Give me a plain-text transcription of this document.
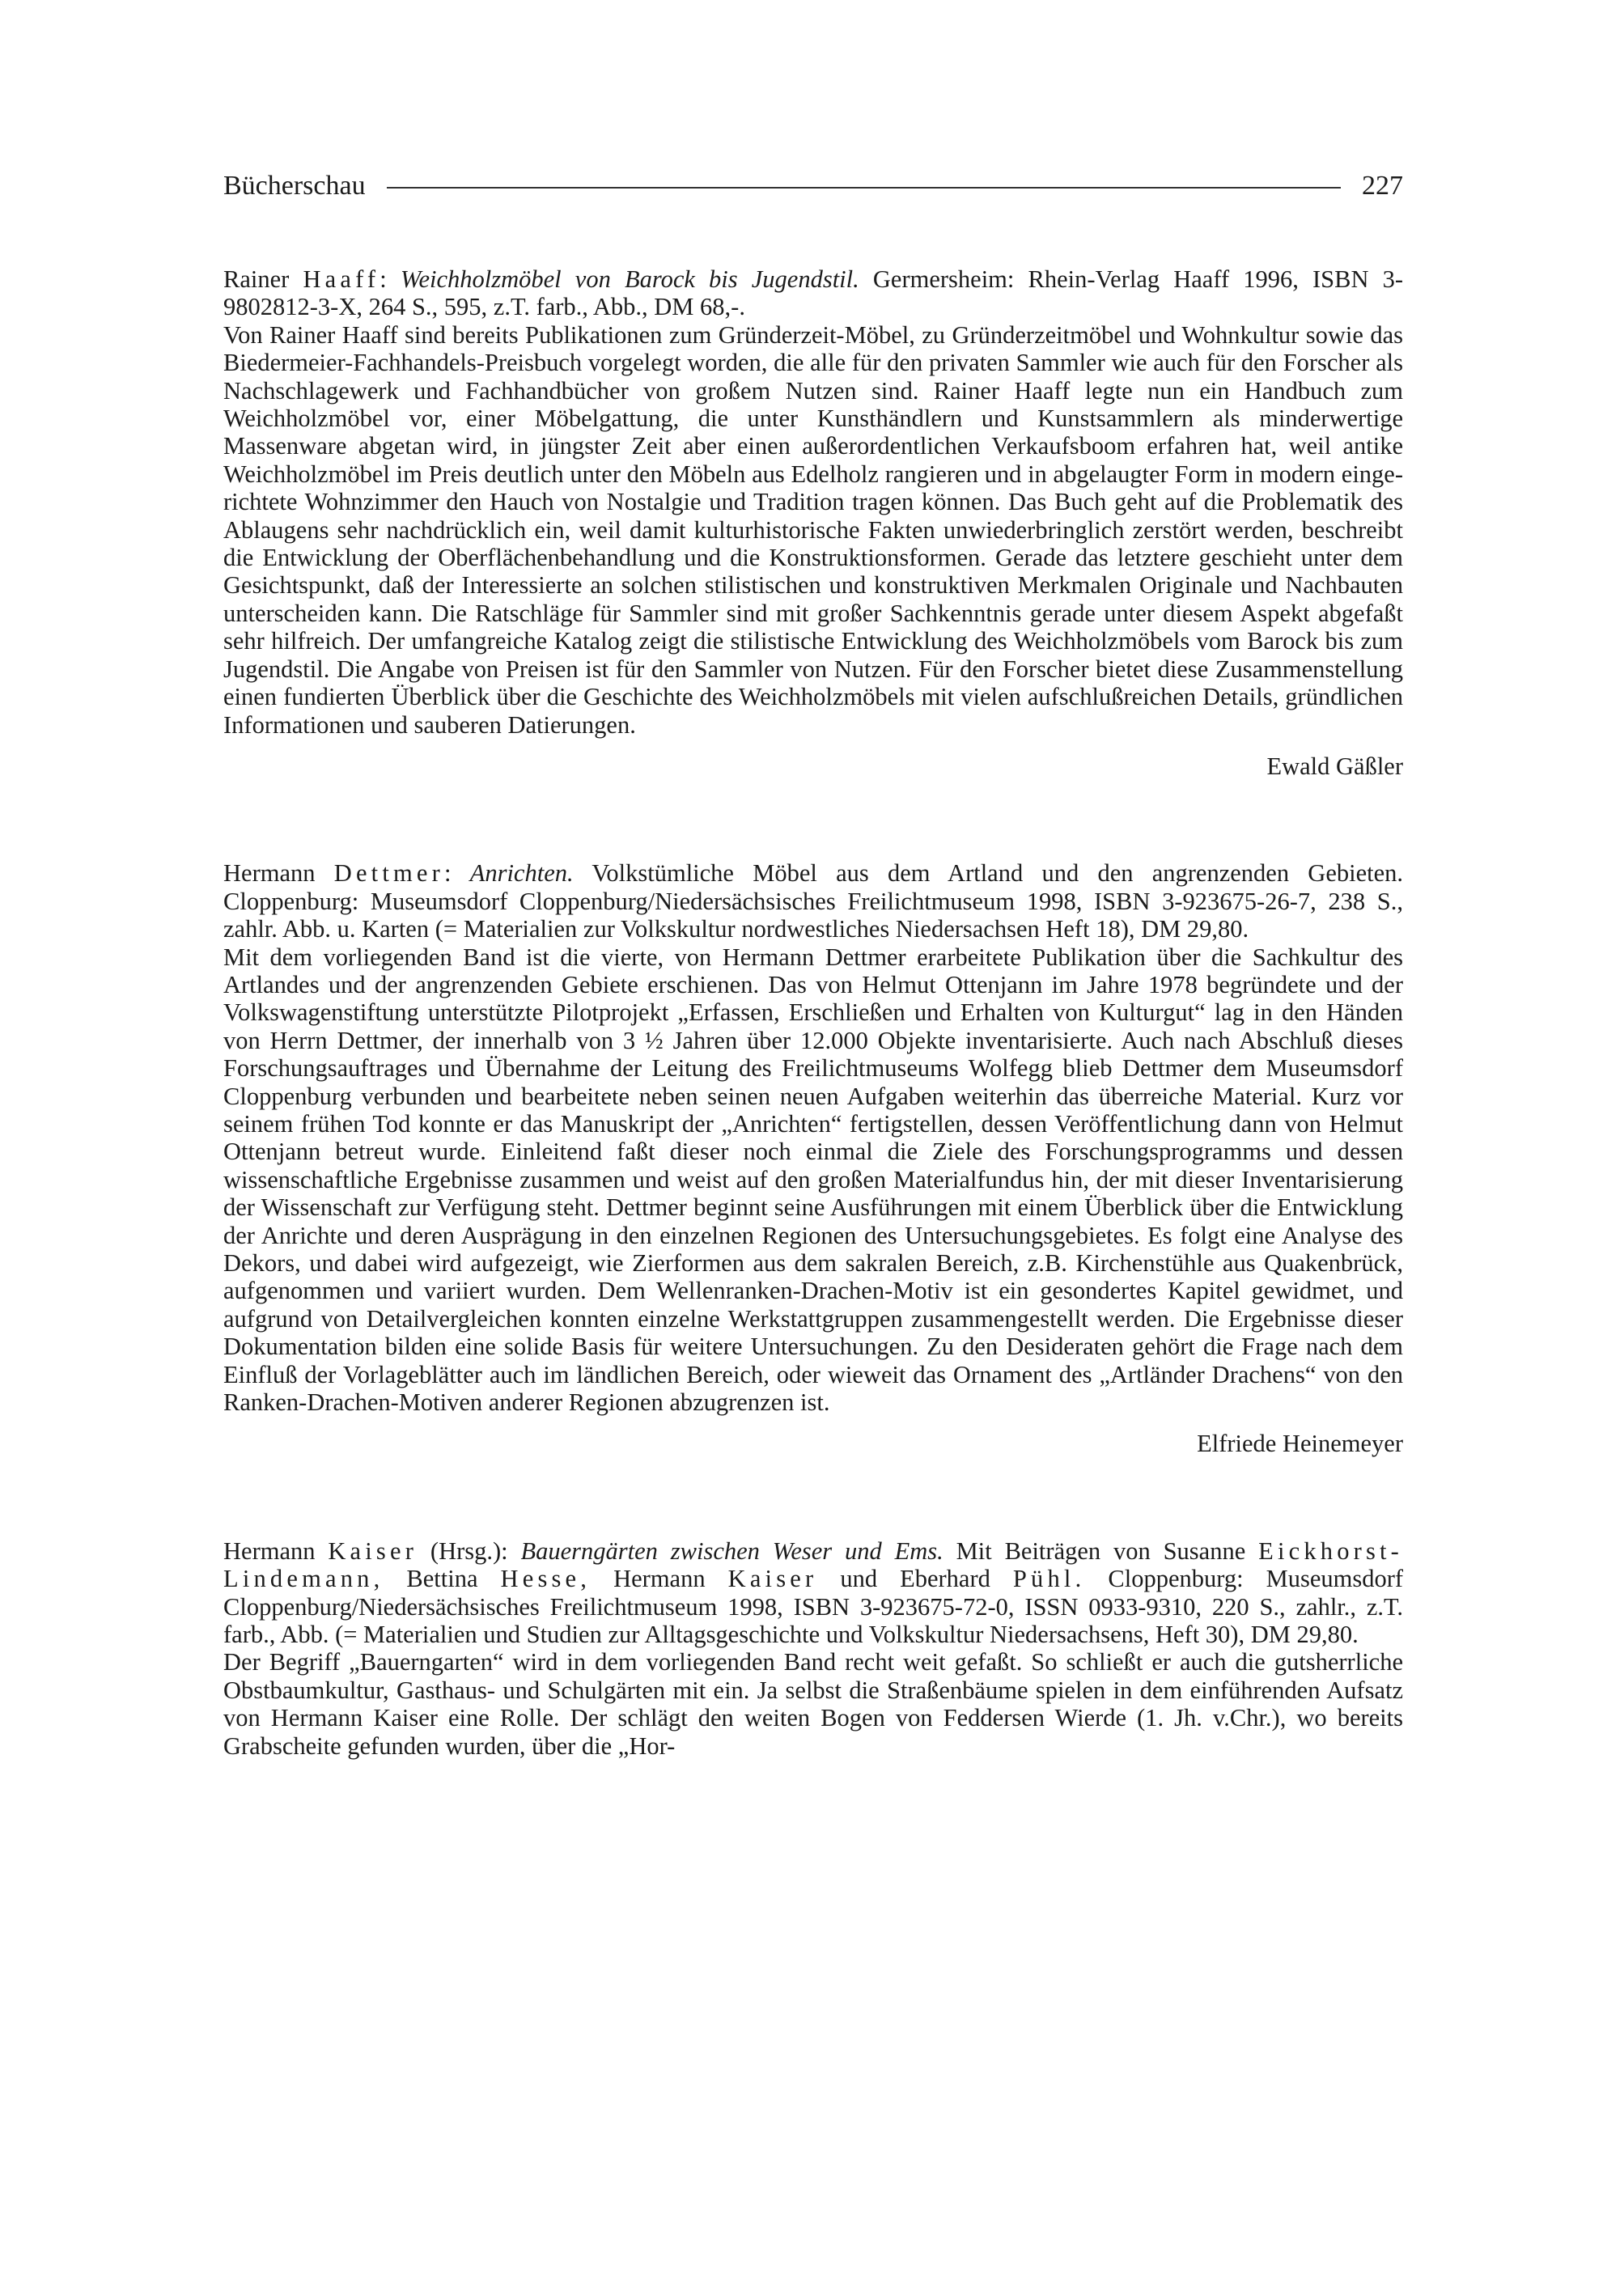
Bücherschau	227

Rainer Haaff: Weichholzmöbel von Barock bis Jugendstil. Germersheim: Rhein-Verlag Haaff 1996, ISBN 3-9802812-3-X, 264 S., 595, z.T. farb., Abb., DM 68,-.

Von Rainer Haaff sind bereits Publikationen zum Gründerzeit-Möbel, zu Gründerzeitmöbel und Wohnkultur sowie das Biedermeier-Fachhandels-Preisbuch vorgelegt worden, die alle für den privaten Sammler wie auch für den Forscher als Nachschlagewerk und Fachhandbücher von großem Nutzen sind. Rainer Haaff legte nun ein Handbuch zum Weichholzmöbel vor, einer Möbelgattung, die unter Kunsthändlern und Kunstsammlern als minderwertige Massenware abgetan wird, in jüngster Zeit aber einen außerordentlichen Verkaufsboom erfahren hat, weil antike Weichholzmöbel im Preis deutlich unter den Möbeln aus Edelholz rangieren und in abgelaugter Form in modern eingerichtete Wohnzimmer den Hauch von Nostalgie und Tradition tragen können. Das Buch geht auf die Problematik des Ablaugens sehr nachdrücklich ein, weil damit kulturhistorische Fakten unwiederbringlich zerstört werden, beschreibt die Entwicklung der Oberflächenbehandlung und die Konstruktionsformen. Gerade das letztere geschieht unter dem Gesichtspunkt, daß der Interessierte an solchen stilistischen und konstruktiven Merkmalen Originale und Nachbauten unterscheiden kann. Die Ratschläge für Sammler sind mit großer Sachkenntnis gerade unter diesem Aspekt abgefaßt sehr hilfreich. Der umfangreiche Katalog zeigt die stilistische Entwicklung des Weichholzmöbels vom Barock bis zum Jugendstil. Die Angabe von Preisen ist für den Sammler von Nutzen. Für den Forscher bietet diese Zusammenstellung einen fundierten Überblick über die Geschichte des Weichholzmöbels mit vielen aufschlußreichen Details, gründlichen Informationen und sauberen Datierungen.

Ewald Gäßler

Hermann Dettmer: Anrichten. Volkstümliche Möbel aus dem Artland und den angrenzenden Gebieten. Cloppenburg: Museumsdorf Cloppenburg/Niedersächsisches Freilichtmuseum 1998, ISBN 3-923675-26-7, 238 S., zahlr. Abb. u. Karten (= Materialien zur Volkskultur nordwestliches Niedersachsen Heft 18), DM 29,80.

Mit dem vorliegenden Band ist die vierte, von Hermann Dettmer erarbeitete Publikation über die Sachkultur des Artlandes und der angrenzenden Gebiete erschienen. Das von Helmut Ottenjann im Jahre 1978 begründete und der Volkswagenstiftung unterstützte Pilotprojekt „Erfassen, Erschließen und Erhalten von Kulturgut“ lag in den Händen von Herrn Dettmer, der innerhalb von 3 ½ Jahren über 12.000 Objekte inventarisierte. Auch nach Abschluß dieses Forschungsauftrages und Übernahme der Leitung des Freilichtmuseums Wolfegg blieb Dettmer dem Museumsdorf Cloppenburg verbunden und bearbeitete neben seinen neuen Aufgaben weiterhin das überreiche Material. Kurz vor seinem frühen Tod konnte er das Manuskript der „Anrichten“ fertigstellen, dessen Veröffentlichung dann von Helmut Ottenjann betreut wurde. Einleitend faßt dieser noch einmal die Ziele des Forschungsprogramms und dessen wissenschaftliche Ergebnisse zusammen und weist auf den großen Materialfundus hin, der mit dieser Inventarisierung der Wissenschaft zur Verfügung steht. Dettmer beginnt seine Ausführungen mit einem Überblick über die Entwicklung der Anrichte und deren Ausprägung in den einzelnen Regionen des Untersuchungsgebietes. Es folgt eine Analyse des Dekors, und dabei wird aufgezeigt, wie Zierformen aus dem sakralen Bereich, z.B. Kirchenstühle aus Quakenbrück, aufgenommen und variiert wurden. Dem Wellenranken-Drachen-Motiv ist ein gesondertes Kapitel gewidmet, und aufgrund von Detailvergleichen konnten einzelne Werkstattgruppen zusammengestellt werden. Die Ergebnisse dieser Dokumentation bilden eine solide Basis für weitere Untersuchungen. Zu den Desideraten gehört die Frage nach dem Einfluß der Vorlageblätter auch im ländlichen Bereich, oder wieweit das Ornament des „Artländer Drachens“ von den Ranken-Drachen-Motiven anderer Regionen abzugrenzen ist.

Elfriede Heinemeyer

Hermann Kaiser (Hrsg.): Bauerngärten zwischen Weser und Ems. Mit Beiträgen von Susanne Eickhorst-Lindemann, Bettina Hesse, Hermann Kaiser und Eberhard Pühl. Cloppenburg: Museumsdorf Cloppenburg/Niedersächsisches Freilichtmuseum 1998, ISBN 3-923675-72-0, ISSN 0933-9310, 220 S., zahlr., z.T. farb., Abb. (= Materialien und Studien zur Alltagsgeschichte und Volkskultur Niedersachsens, Heft 30), DM 29,80.

Der Begriff „Bauerngarten“ wird in dem vorliegenden Band recht weit gefaßt. So schließt er auch die gutsherrliche Obstbaumkultur, Gasthaus- und Schulgärten mit ein. Ja selbst die Straßenbäume spielen in dem einführenden Aufsatz von Hermann Kaiser eine Rolle. Der schlägt den weiten Bogen von Feddersen Wierde (1. Jh. v.Chr.), wo bereits Grabscheite gefunden wurden, über die „Hor-
